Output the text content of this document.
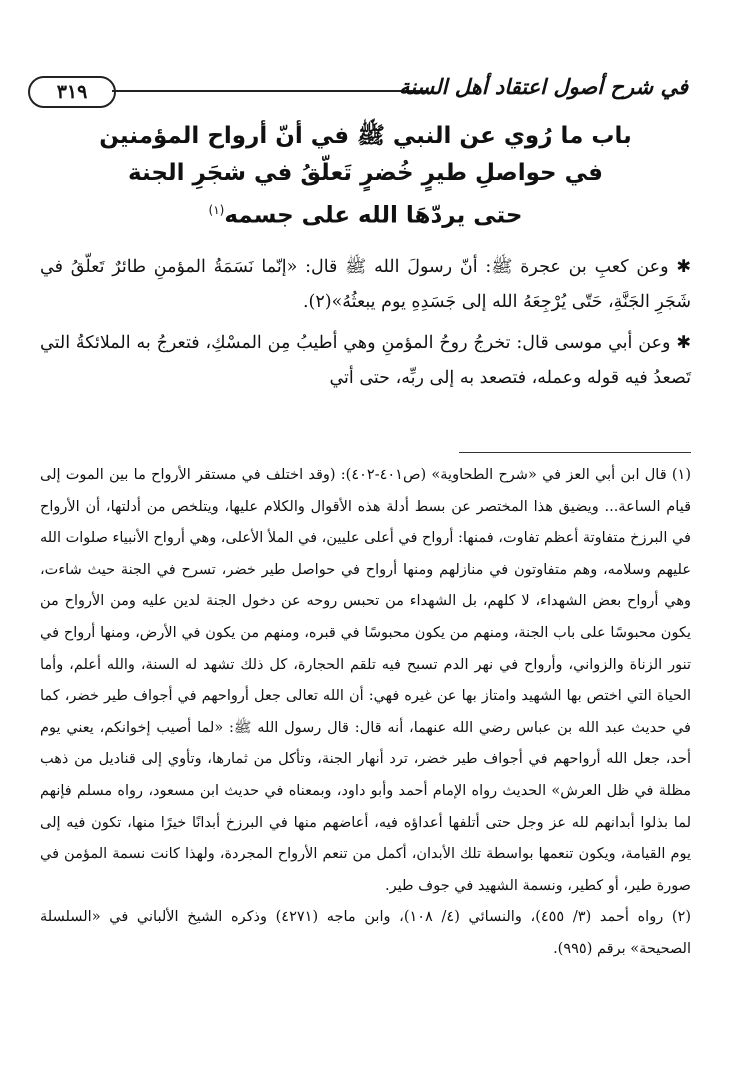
٣١٩	في شرح أصول اعتقاد أهل السنة
باب ما رُوي عن النبي ﷺ في أنّ أرواح المؤمنين
في حواصلِ طيرٍ خُضرٍ تَعلّقُ في شجَرِ الجنة
حتى يردّهَا الله على جسمه$^{(١)}$

✱ وعن كعبِ بن عجرة ﷺ: أنّ رسولَ الله ﷺ قال: «إنّما نَسَمَةُ المؤمنِ طائرٌ تَعلّقُ في شَجَرِ الجَنَّةِ، حَتّى يُرْجِعَهُ الله إلى جَسَدِهِ يوم يبعثُهُ»(٢).

✱ وعن أبي موسى قال: تخرجُ روحُ المؤمنِ وهي أطيبُ مِن المسْكِ، فتعرجُ به الملائكةُ التي تَصعدُ فيه قوله وعمله، فتصعد به إلى ربِّه، حتى أتي

(١) قال ابن أبي العز في «شرح الطحاوية» (ص٤٠١-٤٠٢): (وقد اختلف في مستقر الأرواح ما بين الموت إلى قيام الساعة... ويضيق هذا المختصر عن بسط أدلة هذه الأقوال والكلام عليها، ويتلخص من أدلتها، أن الأرواح في البرزخ متفاوتة أعظم تفاوت، فمنها: أرواح في أعلى عليين، في الملأ الأعلى، وهي أرواح الأنبياء صلوات الله عليهم وسلامه، وهم متفاوتون في منازلهم ومنها أرواح في حواصل طير خضر، تسرح في الجنة حيث شاءت، وهي أرواح بعض الشهداء، لا كلهم، بل الشهداء من تحبس روحه عن دخول الجنة لدين عليه ومن الأرواح من يكون محبوسًا على باب الجنة، ومنهم من يكون محبوسًا في قبره، ومنهم من يكون في الأرض، ومنها أرواح في تنور الزناة والزواني، وأرواح في نهر الدم تسبح فيه تلقم الحجارة، كل ذلك تشهد له السنة، والله أعلم، وأما الحياة التي اختص بها الشهيد وامتاز بها عن غيره فهي: أن الله تعالى جعل أرواحهم في أجواف طير خضر، كما في حديث عبد الله بن عباس رضي الله عنهما، أنه قال: قال رسول الله ﷺ: «لما أصيب إخوانكم، يعني يوم أحد، جعل الله أرواحهم في أجواف طير خضر، ترد أنهار الجنة، وتأكل من ثمارها، وتأوي إلى قناديل من ذهب مظلة في ظل العرش» الحديث رواه الإمام أحمد وأبو داود، وبمعناه في حديث ابن مسعود، رواه مسلم فإنهم لما بذلوا أبدانهم لله عز وجل حتى أتلفها أعداؤه فيه، أعاضهم منها في البرزخ أبدانًا خيرًا منها، تكون فيه إلى يوم القيامة، ويكون تنعمها بواسطة تلك الأبدان، أكمل من تنعم الأرواح المجردة، ولهذا كانت نسمة المؤمن في صورة طير، أو كطير، ونسمة الشهيد في جوف طير.

(٢) رواه أحمد (٣/ ٤٥٥)، والنسائي (٤/ ١٠٨)، وابن ماجه (٤٢٧١) وذكره الشيخ الألباني في «السلسلة الصحيحة» برقم (٩٩٥).
